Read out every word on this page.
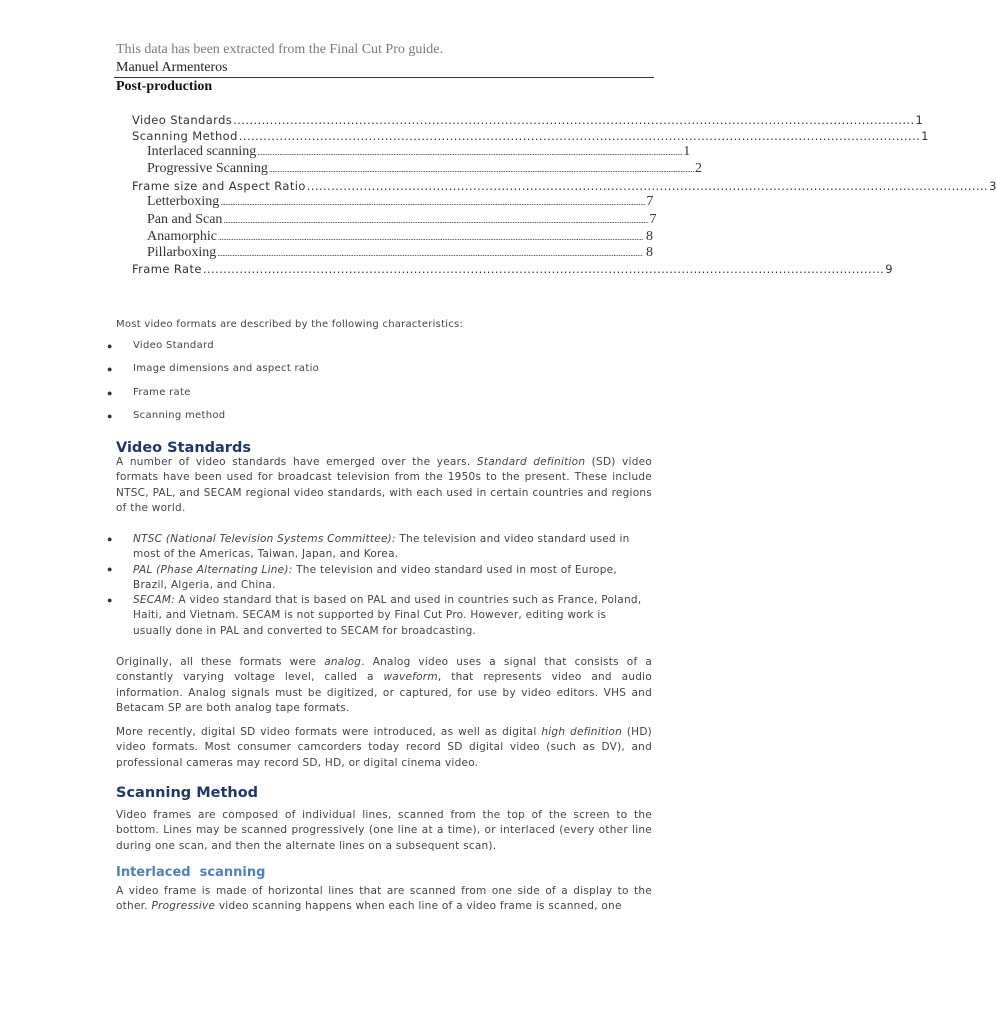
This data has been extracted from the Final Cut Pro guide.
Manuel Armenteros
Post-production
Video Standards ........................................................................................................................................................................ 1
Scanning Method ........................................................................................................................................................................ 1
Interlaced scanning .......................................................................................................................................................................................................................................................... 1
Progressive Scanning .......................................................................................................................................................................................................................................................... 2
Frame size and Aspect Ratio ........................................................................................................................................................................ 3
Letterboxing .......................................................................................................................................................................................................................................................... 7
Pan and Scan .......................................................................................................................................................................................................................................................... 7
Anamorphic .......................................................................................................................................................................................................................................................... 8
Pillarboxing .......................................................................................................................................................................................................................................................... 8
Frame Rate ........................................................................................................................................................................ 9
Most video formats are described by the following characteristics:
● Video Standard
● Image dimensions and aspect ratio
● Frame rate
● Scanning method
Video Standards

A number of video standards have emerged over the years. Standard definition (SD) video formats have been used for broadcast television from the 1950s to the present. These include NTSC, PAL, and SECAM regional video standards, with each used in certain countries and regions of the world.

● NTSC (National Television Systems Committee): The television and video standard used in most of the Americas, Taiwan, Japan, and Korea.

● PAL (Phase Alternating Line): The television and video standard used in most of Europe, Brazil, Algeria, and China.

● SECAM: A video standard that is based on PAL and used in countries such as France, Poland, Haiti, and Vietnam. SECAM is not supported by Final Cut Pro. However, editing work is usually done in PAL and converted to SECAM for broadcasting.

Originally, all these formats were analog. Analog video uses a signal that consists of a constantly varying voltage level, called a waveform, that represents video and audio information. Analog signals must be digitized, or captured, for use by video editors. VHS and Betacam SP are both analog tape formats.

More recently, digital SD video formats were introduced, as well as digital high definition (HD) video formats. Most consumer camcorders today record SD digital video (such as DV), and professional cameras may record SD, HD, or digital cinema video.

Scanning Method

Video frames are composed of individual lines, scanned from the top of the screen to the bottom. Lines may be scanned progressively (one line at a time), or interlaced (every other line during one scan, and then the alternate lines on a subsequent scan).

Interlaced  scanning

A video frame is made of horizontal lines that are scanned from one side of a display to the other. Progressive video scanning happens when each line of a video frame is scanned, one
